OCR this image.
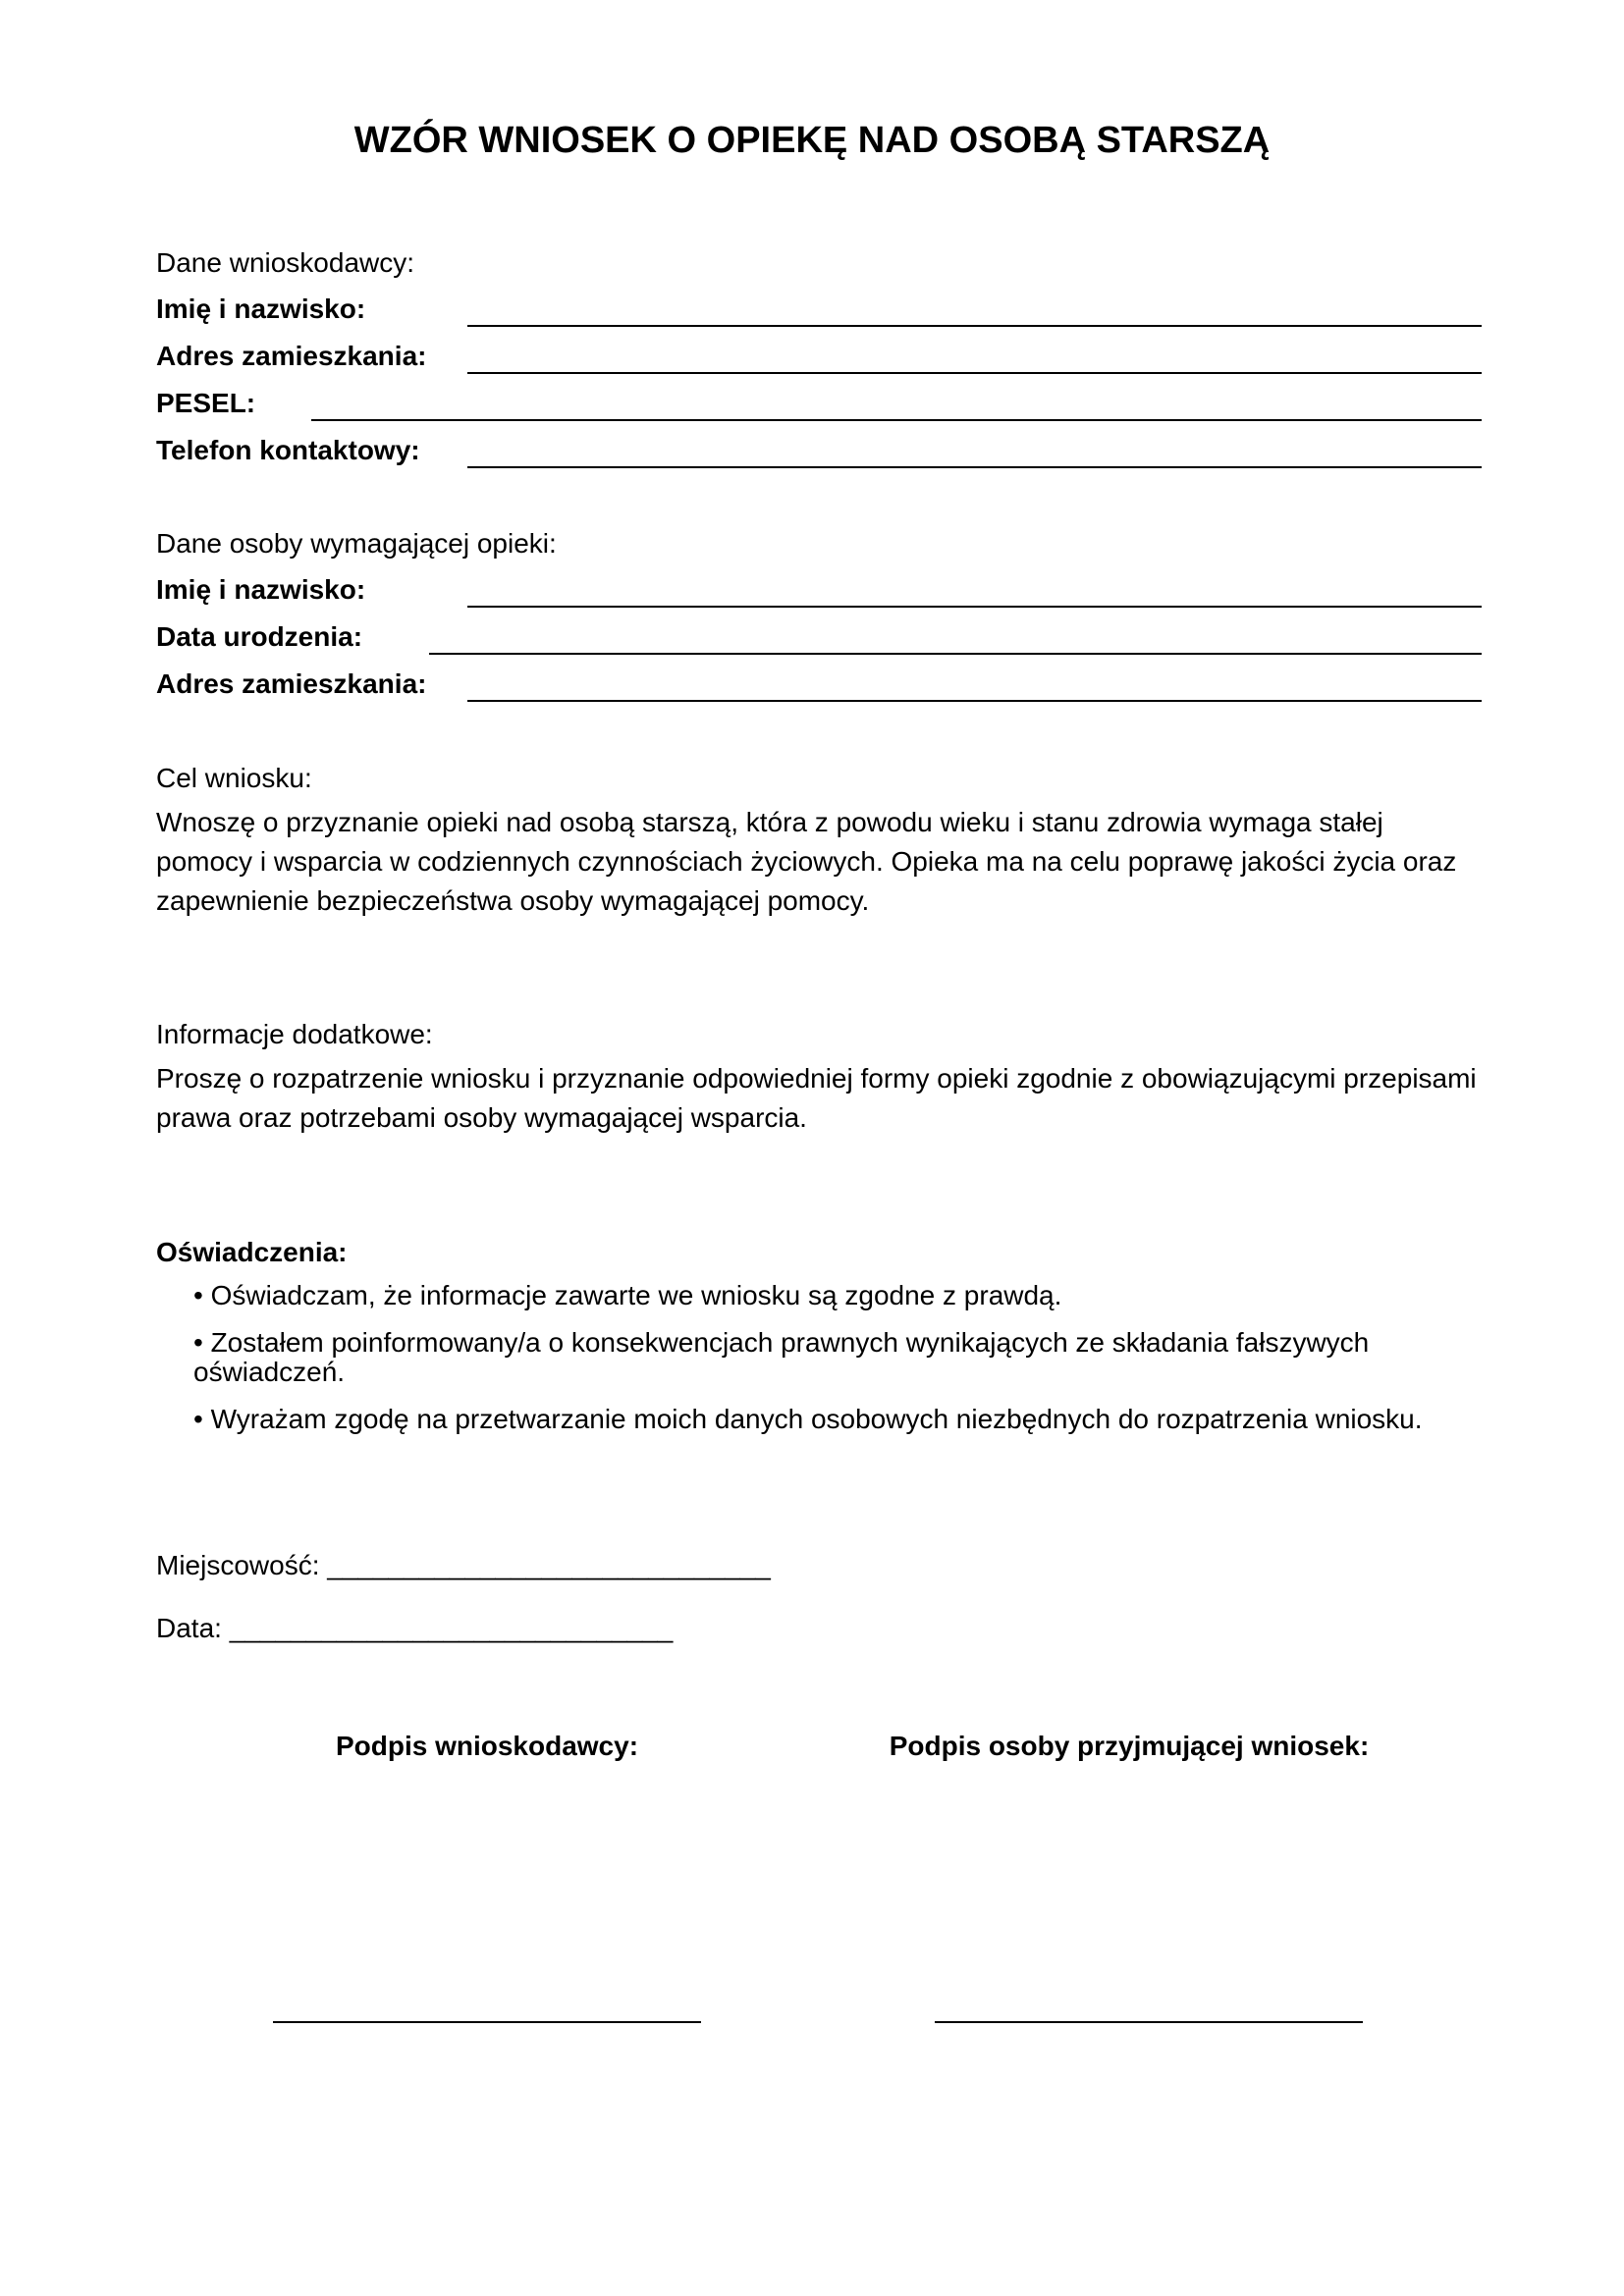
WZÓR WNIOSEK O OPIEKĘ NAD OSOBĄ STARSZĄ
Dane wnioskodawcy:
Imię i nazwisko:
Adres zamieszkania:
PESEL:
Telefon kontaktowy:
Dane osoby wymagającej opieki:
Imię i nazwisko:
Data urodzenia:
Adres zamieszkania:
Cel wniosku:
Wnoszę o przyznanie opieki nad osobą starszą, która z powodu wieku i stanu zdrowia wymaga stałej
pomocy i wsparcia w codziennych czynnościach życiowych. Opieka ma na celu poprawę jakości życia oraz
zapewnienie bezpieczeństwa osoby wymagającej pomocy.
Informacje dodatkowe:
Proszę o rozpatrzenie wniosku i przyznanie odpowiedniej formy opieki zgodnie z obowiązującymi przepisami
prawa oraz potrzebami osoby wymagającej wsparcia.
Oświadczenia:
• Oświadczam, że informacje zawarte we wniosku są zgodne z prawdą.
• Zostałem poinformowany/a o konsekwencjach prawnych wynikających ze składania fałszywych oświadczeń.
• Wyrażam zgodę na przetwarzanie moich danych osobowych niezbędnych do rozpatrzenia wniosku.
Miejscowość: _____________________________
Data: _____________________________
Podpis wnioskodawcy:	Podpis osoby przyjmującej wniosek:
